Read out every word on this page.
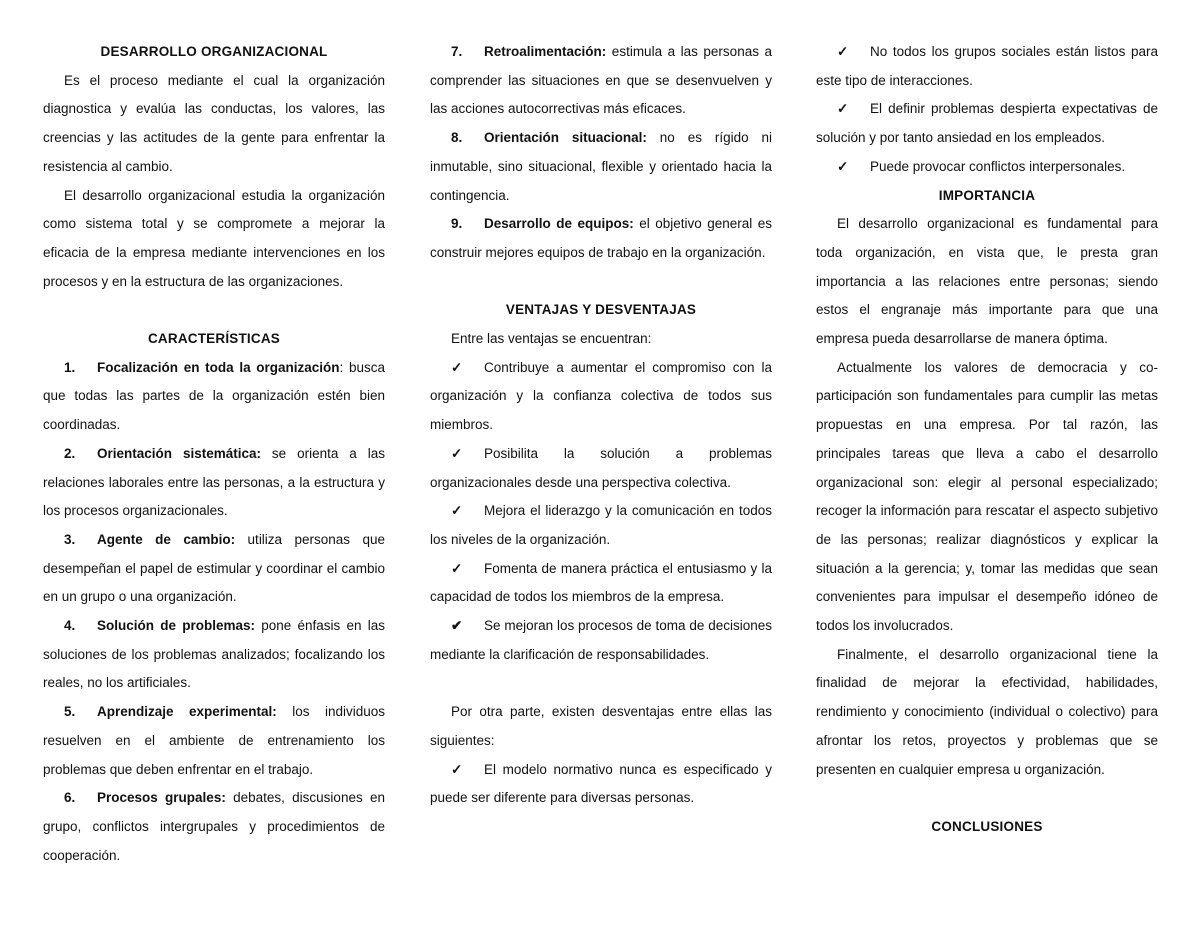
DESARROLLO ORGANIZACIONAL

Es el proceso mediante el cual la organización diagnostica y evalúa las conductas, los valores, las creencias y las actitudes de la gente para enfrentar la resistencia al cambio.

El desarrollo organizacional estudia la organización como sistema total y se compromete a mejorar la eficacia de la empresa mediante intervenciones en los procesos y en la estructura de las organizaciones.

CARACTERÍSTICAS

1. Focalización en toda la organización: busca que todas las partes de la organización estén bien coordinadas.

2. Orientación sistemática: se orienta a las relaciones laborales entre las personas, a la estructura y los procesos organizacionales.

3. Agente de cambio: utiliza personas que desempeñan el papel de estimular y coordinar el cambio en un grupo o una organización.

4. Solución de problemas: pone énfasis en las soluciones de los problemas analizados; focalizando los reales, no los artificiales.

5. Aprendizaje experimental: los individuos resuelven en el ambiente de entrenamiento los problemas que deben enfrentar en el trabajo.

6. Procesos grupales: debates, discusiones en grupo, conflictos intergrupales y procedimientos de cooperación.

7. Retroalimentación: estimula a las personas a comprender las situaciones en que se desenvuelven y las acciones autocorrectivas más eficaces.

8. Orientación situacional: no es rígido ni inmutable, sino situacional, flexible y orientado hacia la contingencia.

9. Desarrollo de equipos: el objetivo general es construir mejores equipos de trabajo en la organización.

VENTAJAS Y DESVENTAJAS

Entre las ventajas se encuentran:

✓ Contribuye a aumentar el compromiso con la organización y la confianza colectiva de todos sus miembros.

✓ Posibilita la solución a problemas organizacionales desde una perspectiva colectiva.

✓ Mejora el liderazgo y la comunicación en todos los niveles de la organización.

✓ Fomenta de manera práctica el entusiasmo y la capacidad de todos los miembros de la empresa.

✔ Se mejoran los procesos de toma de decisiones mediante la clarificación de responsabilidades.

Por otra parte, existen desventajas entre ellas las siguientes:

✓ El modelo normativo nunca es especificado y puede ser diferente para diversas personas.

✓ No todos los grupos sociales están listos para este tipo de interacciones.

✓ El definir problemas despierta expectativas de solución y por tanto ansiedad en los empleados.

✓ Puede provocar conflictos interpersonales.

IMPORTANCIA

El desarrollo organizacional es fundamental para toda organización, en vista que, le presta gran importancia a las relaciones entre personas; siendo estos el engranaje más importante para que una empresa pueda desarrollarse de manera óptima.

Actualmente los valores de democracia y co-participación son fundamentales para cumplir las metas propuestas en una empresa. Por tal razón, las principales tareas que lleva a cabo el desarrollo organizacional son: elegir al personal especializado; recoger la información para rescatar el aspecto subjetivo de las personas; realizar diagnósticos y explicar la situación a la gerencia; y, tomar las medidas que sean convenientes para impulsar el desempeño idóneo de todos los involucrados.

Finalmente, el desarrollo organizacional tiene la finalidad de mejorar la efectividad, habilidades, rendimiento y conocimiento (individual o colectivo) para afrontar los retos, proyectos y problemas que se presenten en cualquier empresa u organización.

CONCLUSIONES
